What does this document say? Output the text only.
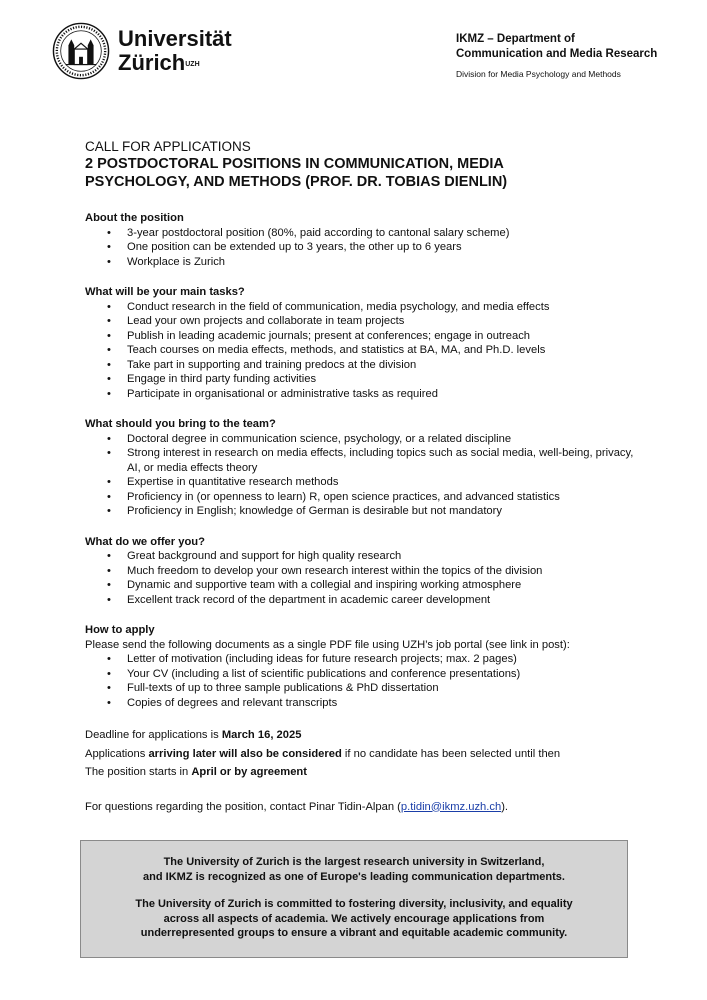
Universität
Zürich$^{UZH}$
IKMZ – Department of
Communication and Media Research
Division for Media Psychology and Methods
CALL FOR APPLICATIONS
2 POSTDOCTORAL POSITIONS IN COMMUNICATION, MEDIA
PSYCHOLOGY, AND METHODS (PROF. DR. TOBIAS DIENLIN)
About the position
• 3-year postdoctoral position (80%, paid according to cantonal salary scheme)
• One position can be extended up to 3 years, the other up to 6 years
• Workplace is Zurich
What will be your main tasks?
• Conduct research in the field of communication, media psychology, and media effects
• Lead your own projects and collaborate in team projects
• Publish in leading academic journals; present at conferences; engage in outreach
• Teach courses on media effects, methods, and statistics at BA, MA, and Ph.D. levels
• Take part in supporting and training predocs at the division
• Engage in third party funding activities
• Participate in organisational or administrative tasks as required
What should you bring to the team?
• Doctoral degree in communication science, psychology, or a related discipline
• Strong interest in research on media effects, including topics such as social media, well-being, privacy, AI, or media effects theory
• Expertise in quantitative research methods
• Proficiency in (or openness to learn) R, open science practices, and advanced statistics
• Proficiency in English; knowledge of German is desirable but not mandatory
What do we offer you?
• Great background and support for high quality research
• Much freedom to develop your own research interest within the topics of the division
• Dynamic and supportive team with a collegial and inspiring working atmosphere
• Excellent track record of the department in academic career development
How to apply

Please send the following documents as a single PDF file using UZH’s job portal (see link in post):

• Letter of motivation (including ideas for future research projects; max. 2 pages)
• Your CV (including a list of scientific publications and conference presentations)
• Full-texts of up to three sample publications & PhD dissertation
• Copies of degrees and relevant transcripts

Deadline for applications is March 16, 2025

Applications arriving later will also be considered if no candidate has been selected until then

The position starts in April or by agreement

For questions regarding the position, contact Pinar Tidin-Alpan (p.tidin@ikmz.uzh.ch).

The University of Zurich is the largest research university in Switzerland,
and IKMZ is recognized as one of Europe's leading communication departments.

The University of Zurich is committed to fostering diversity, inclusivity, and equality
across all aspects of academia. We actively encourage applications from
underrepresented groups to ensure a vibrant and equitable academic community.
